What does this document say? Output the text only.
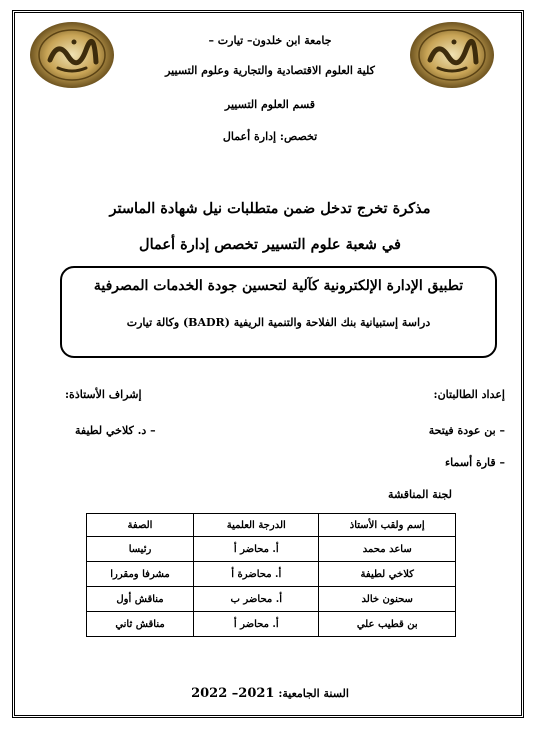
جامعة ابن خلدون– تيارت –
كلية العلوم الاقتصادية والتجارية وعلوم التسيير
قسم العلوم التسيير
تخصص: إدارة أعمال
مذكرة تخرج تدخل ضمن متطلبات نيل شهادة الماستر
في شعبة علوم التسيير تخصص إدارة أعمال
تطبيق الإدارة الإلكترونية كآلية لتحسين جودة الخدمات المصرفية
دراسة إستبيانية بنك الفلاحة والتنمية الريفية (BADR) وكالة تيارت
إعداد الطالبتان:
– بن عودة فيتحة
– قارة أسماء
إشراف الأستاذة:
– د. كلاخي لطيفة
لجنة المناقشة
إسم ولقب الأستاذ	الدرجة العلمية	الصفة
ساعد محمد	أ. محاضر أ	رئيسا
كلاخي لطيفة	أ. محاضرة أ	مشرفا ومقررا
سحنون خالد	أ. محاضر ب	مناقش أول
بن قطيب علي	أ. محاضر أ	مناقش ثاني
السنة الجامعية: 2021– 2022
